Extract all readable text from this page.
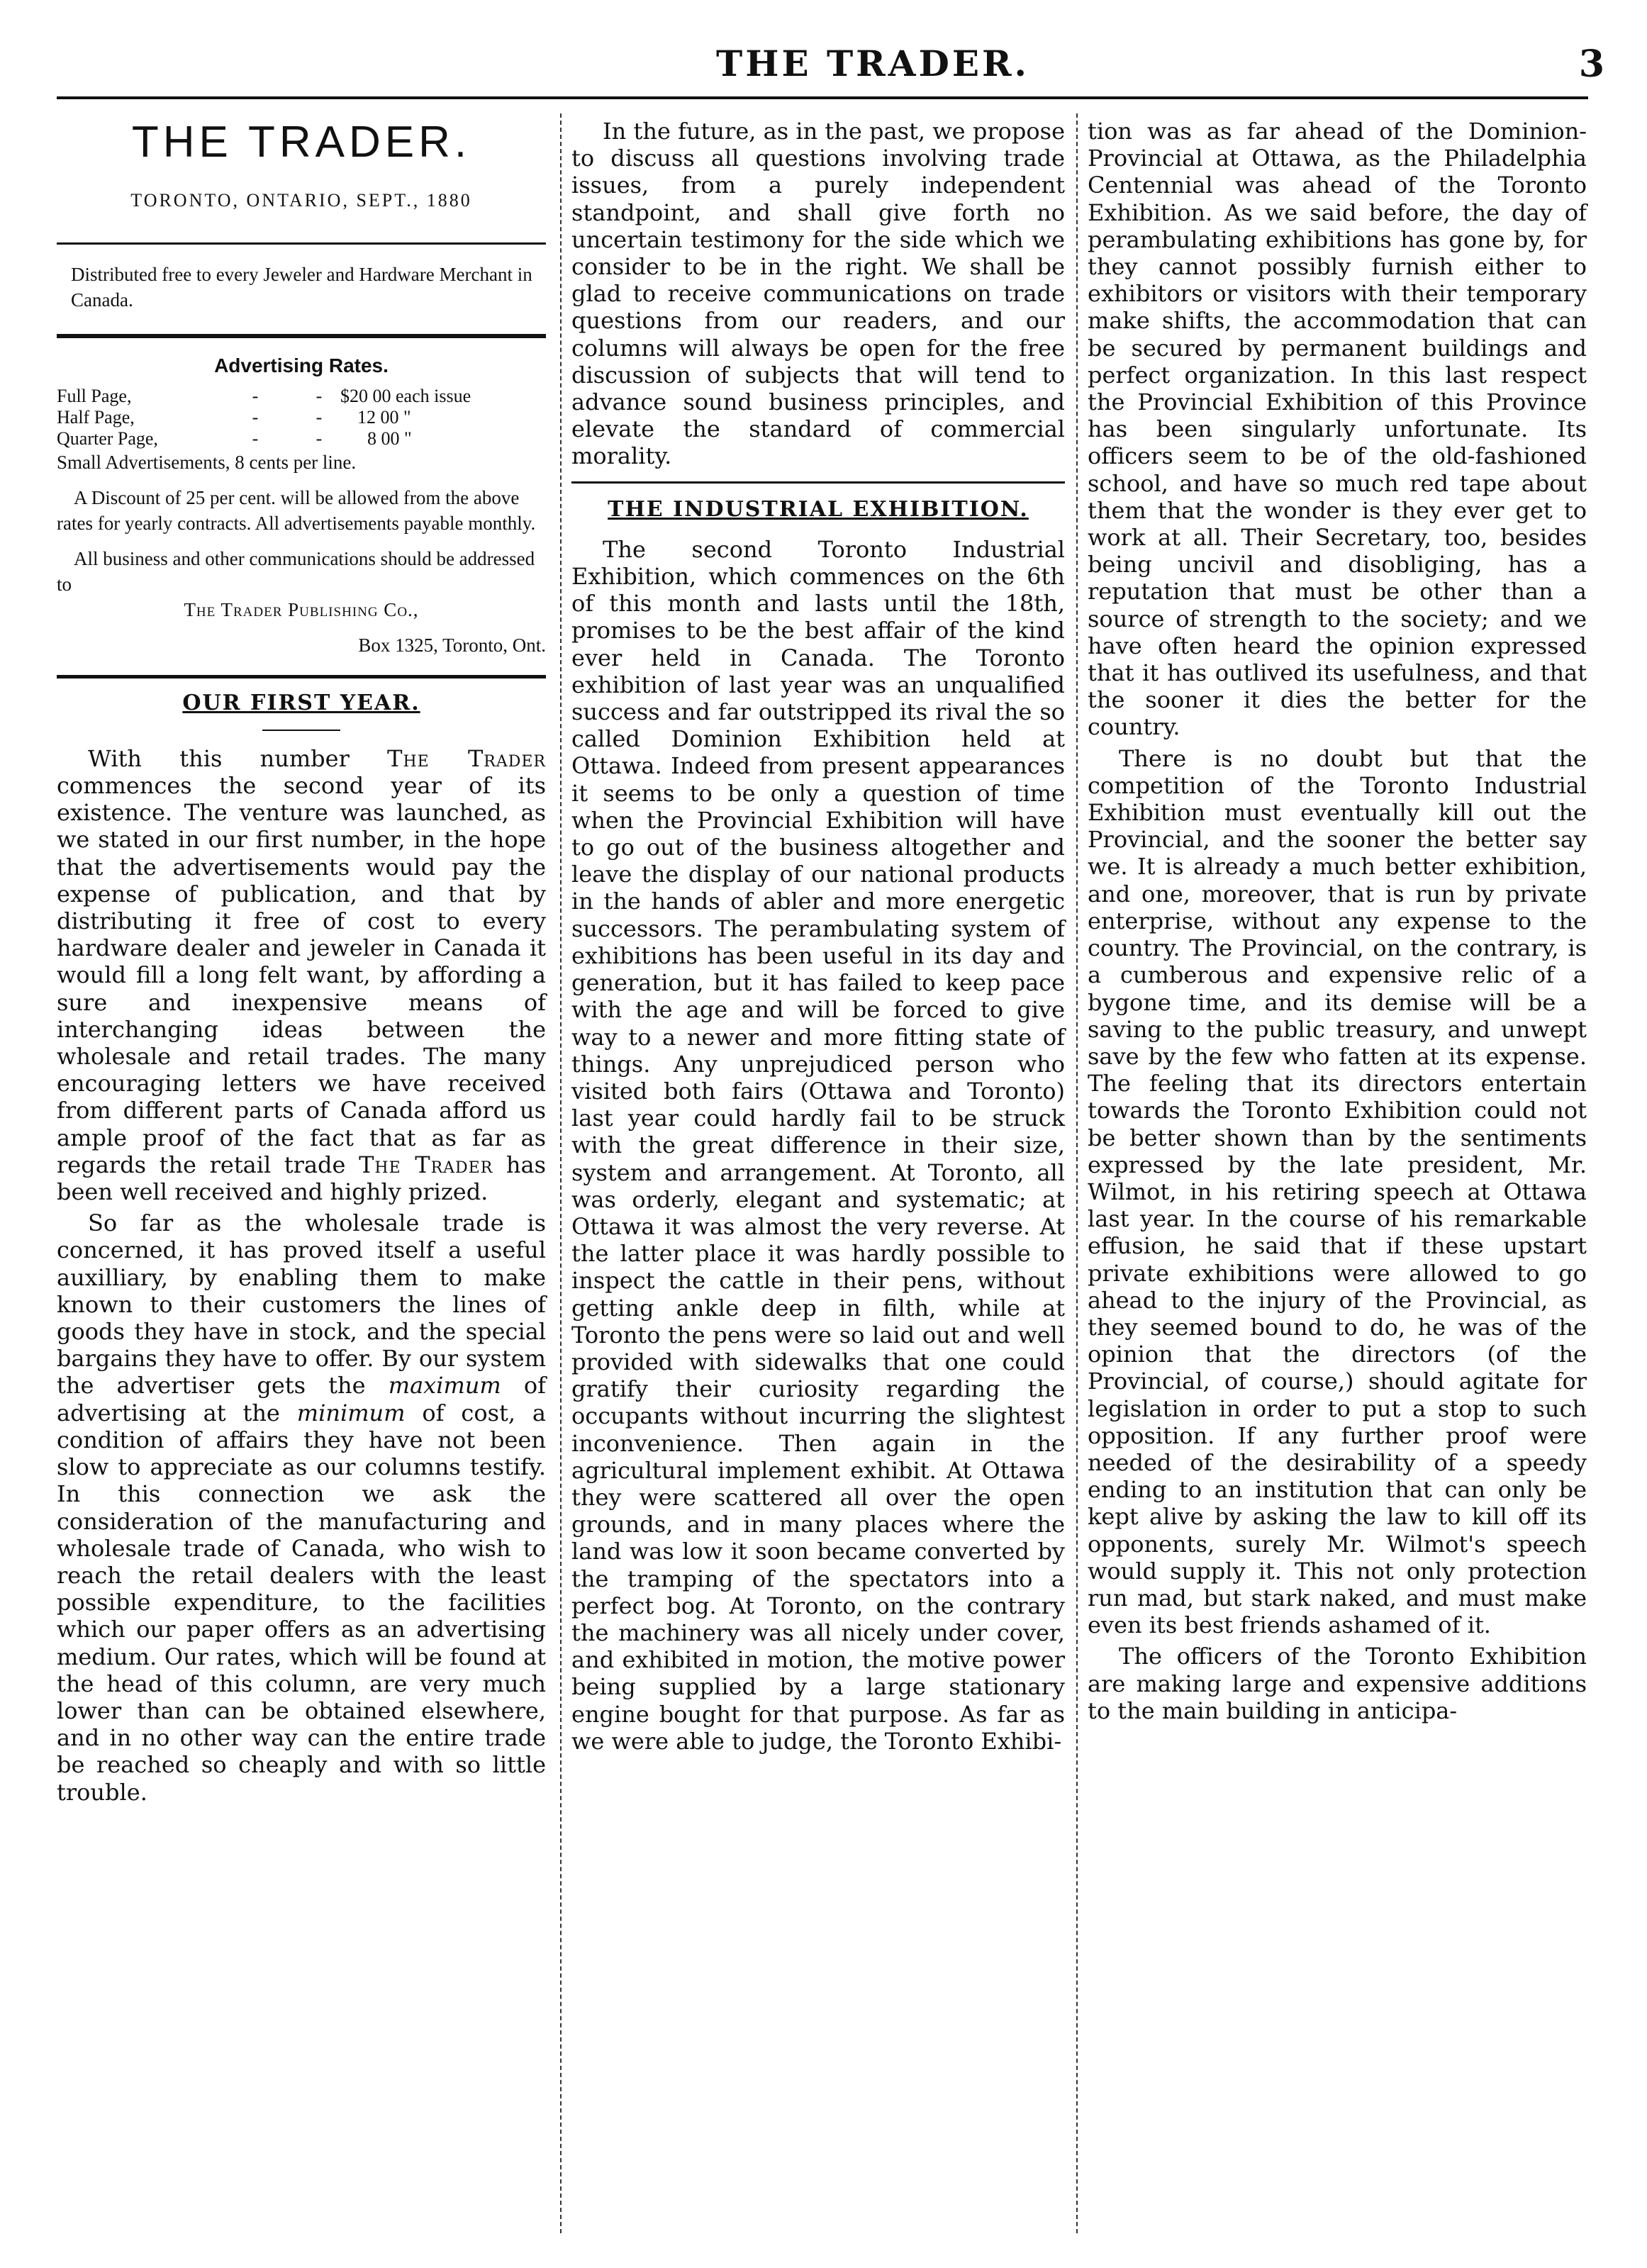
THE TRADER.	3
THE TRADER.
TORONTO, ONTARIO, SEPT., 1880
Distributed free to every Jeweler and Hardware Merchant in Canada.
Advertising Rates.
Full Page,	-	- $20 00 each issue
Half Page,	-	-	12 00 "
Quarter Page,	-	-	8 00 "
Small Advertisements, 8 cents per line.
A Discount of 25 per cent. will be allowed from the above rates for yearly contracts. All advertisements payable monthly.
All business and other communications should be addressed to
The Trader Publishing Co.,
Box 1325, Toronto, Ont.
OUR FIRST YEAR.

With this number The Trader commences the second year of its existence. The venture was launched, as we stated in our first number, in the hope that the advertisements would pay the expense of publication, and that by distributing it free of cost to every hardware dealer and jeweler in Canada it would fill a long felt want, by affording a sure and inexpensive means of interchanging ideas between the wholesale and retail trades. The many encouraging letters we have received from different parts of Canada afford us ample proof of the fact that as far as regards the retail trade The Trader has been well received and highly prized.

So far as the wholesale trade is concerned, it has proved itself a useful auxilliary, by enabling them to make known to their customers the lines of goods they have in stock, and the special bargains they have to offer. By our system the advertiser gets the maximum of advertising at the minimum of cost, a condition of affairs they have not been slow to appreciate as our columns testify. In this connection we ask the consideration of the manufacturing and wholesale trade of Canada, who wish to reach the retail dealers with the least possible expenditure, to the facilities which our paper offers as an advertising medium. Our rates, which will be found at the head of this column, are very much lower than can be obtained elsewhere, and in no other way can the entire trade be reached so cheaply and with so little trouble.

In the future, as in the past, we propose to discuss all questions involving trade issues, from a purely independent standpoint, and shall give forth no uncertain testimony for the side which we consider to be in the right. We shall be glad to receive communications on trade questions from our readers, and our columns will always be open for the free discussion of subjects that will tend to advance sound business principles, and elevate the standard of commercial morality.

THE INDUSTRIAL EXHIBITION.

The second Toronto Industrial Exhibition, which commences on the 6th of this month and lasts until the 18th, promises to be the best affair of the kind ever held in Canada. The Toronto exhibition of last year was an unqualified success and far outstripped its rival the so called Dominion Exhibition held at Ottawa. Indeed from present appearances it seems to be only a question of time when the Provincial Exhibition will have to go out of the business altogether and leave the display of our national products in the hands of abler and more energetic successors. The perambulating system of exhibitions has been useful in its day and generation, but it has failed to keep pace with the age and will be forced to give way to a newer and more fitting state of things. Any unprejudiced person who visited both fairs (Ottawa and Toronto) last year could hardly fail to be struck with the great difference in their size, system and arrangement. At Toronto, all was orderly, elegant and systematic; at Ottawa it was almost the very reverse. At the latter place it was hardly possible to inspect the cattle in their pens, without getting ankle deep in filth, while at Toronto the pens were so laid out and well provided with sidewalks that one could gratify their curiosity regarding the occupants without incurring the slightest inconvenience. Then again in the agricultural implement exhibit. At Ottawa they were scattered all over the open grounds, and in many places where the land was low it soon became converted by the tramping of the spectators into a perfect bog. At Toronto, on the contrary the machinery was all nicely under cover, and exhibited in motion, the motive power being supplied by a large stationary engine bought for that purpose. As far as we were able to judge, the Toronto Exhibi-

tion was as far ahead of the Dominion-Provincial at Ottawa, as the Philadelphia Centennial was ahead of the Toronto Exhibition. As we said before, the day of perambulating exhibitions has gone by, for they cannot possibly furnish either to exhibitors or visitors with their temporary make shifts, the accommodation that can be secured by permanent buildings and perfect organization. In this last respect the Provincial Exhibition of this Province has been singularly unfortunate. Its officers seem to be of the old-fashioned school, and have so much red tape about them that the wonder is they ever get to work at all. Their Secretary, too, besides being uncivil and disobliging, has a reputation that must be other than a source of strength to the society; and we have often heard the opinion expressed that it has outlived its usefulness, and that the sooner it dies the better for the country.

There is no doubt but that the competition of the Toronto Industrial Exhibition must eventually kill out the Provincial, and the sooner the better say we. It is already a much better exhibition, and one, moreover, that is run by private enterprise, without any expense to the country. The Provincial, on the contrary, is a cumberous and expensive relic of a bygone time, and its demise will be a saving to the public treasury, and unwept save by the few who fatten at its expense. The feeling that its directors entertain towards the Toronto Exhibition could not be better shown than by the sentiments expressed by the late president, Mr. Wilmot, in his retiring speech at Ottawa last year. In the course of his remarkable effusion, he said that if these upstart private exhibitions were allowed to go ahead to the injury of the Provincial, as they seemed bound to do, he was of the opinion that the directors (of the Provincial, of course,) should agitate for legislation in order to put a stop to such opposition. If any further proof were needed of the desirability of a speedy ending to an institution that can only be kept alive by asking the law to kill off its opponents, surely Mr. Wilmot's speech would supply it. This not only protection run mad, but stark naked, and must make even its best friends ashamed of it.

The officers of the Toronto Exhibition are making large and expensive additions to the main building in anticipa-
